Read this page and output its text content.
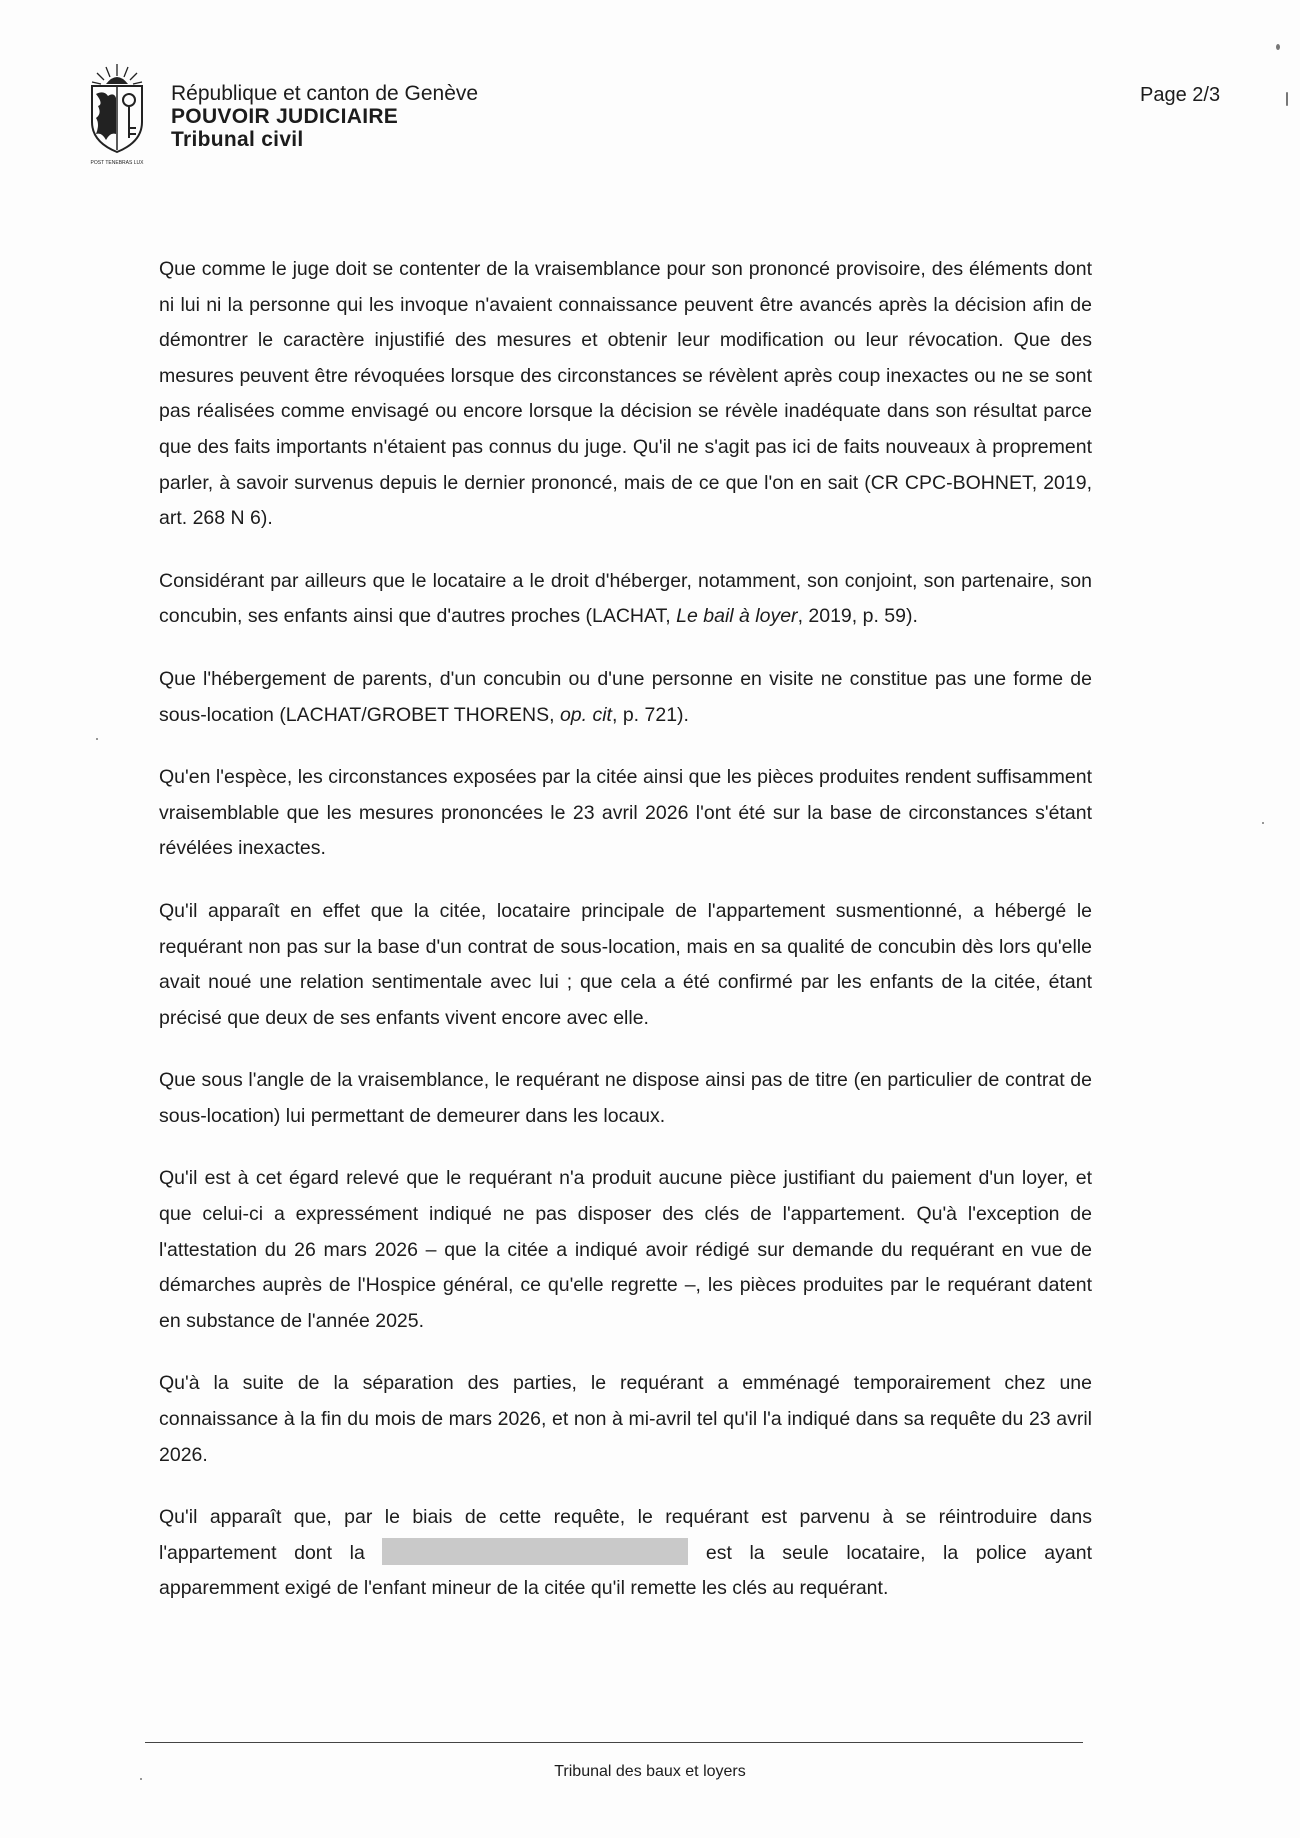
POST TENEBRAS LUX
République et canton de Genève
POUVOIR JUDICIAIRE
Tribunal civil
Page 2/3

Que comme le juge doit se contenter de la vraisemblance pour son prononcé provisoire, des éléments dont ni lui ni la personne qui les invoque n'avaient connaissance peuvent être avancés après la décision afin de démontrer le caractère injustifié des mesures et obtenir leur modification ou leur révocation. Que des mesures peuvent être révoquées lorsque des circonstances se révèlent après coup inexactes ou ne se sont pas réalisées comme envisagé ou encore lorsque la décision se révèle inadéquate dans son résultat parce que des faits importants n'étaient pas connus du juge. Qu'il ne s'agit pas ici de faits nouveaux à proprement parler, à savoir survenus depuis le dernier prononcé, mais de ce que l'on en sait (CR CPC-BOHNET, 2019, art. 268 N 6).

Considérant par ailleurs que le locataire a le droit d'héberger, notamment, son conjoint, son partenaire, son concubin, ses enfants ainsi que d'autres proches (LACHAT, Le bail à loyer, 2019, p. 59).

Que l'hébergement de parents, d'un concubin ou d'une personne en visite ne constitue pas une forme de sous-location (LACHAT/GROBET THORENS, op. cit, p. 721).

Qu'en l'espèce, les circonstances exposées par la citée ainsi que les pièces produites rendent suffisamment vraisemblable que les mesures prononcées le 23 avril 2026 l'ont été sur la base de circonstances s'étant révélées inexactes.

Qu'il apparaît en effet que la citée, locataire principale de l'appartement susmentionné, a hébergé le requérant non pas sur la base d'un contrat de sous-location, mais en sa qualité de concubin dès lors qu'elle avait noué une relation sentimentale avec lui ; que cela a été confirmé par les enfants de la citée, étant précisé que deux de ses enfants vivent encore avec elle.

Que sous l'angle de la vraisemblance, le requérant ne dispose ainsi pas de titre (en particulier de contrat de sous-location) lui permettant de demeurer dans les locaux.

Qu'il est à cet égard relevé que le requérant n'a produit aucune pièce justifiant du paiement d'un loyer, et que celui-ci a expressément indiqué ne pas disposer des clés de l'appartement. Qu'à l'exception de l'attestation du 26 mars 2026 – que la citée a indiqué avoir rédigé sur demande du requérant en vue de démarches auprès de l'Hospice général, ce qu'elle regrette –, les pièces produites par le requérant datent en substance de l'année 2025.

Qu'à la suite de la séparation des parties, le requérant a emménagé temporairement chez une connaissance à la fin du mois de mars 2026, et non à mi-avril tel qu'il l'a indiqué dans sa requête du 23 avril 2026.

Qu'il apparaît que, par le biais de cette requête, le requérant est parvenu à se réintroduire dans l'appartement dont la	est la seule locataire, la police ayant apparemment exigé de l'enfant mineur de la citée qu'il remette les clés au requérant.

Tribunal des baux et loyers
